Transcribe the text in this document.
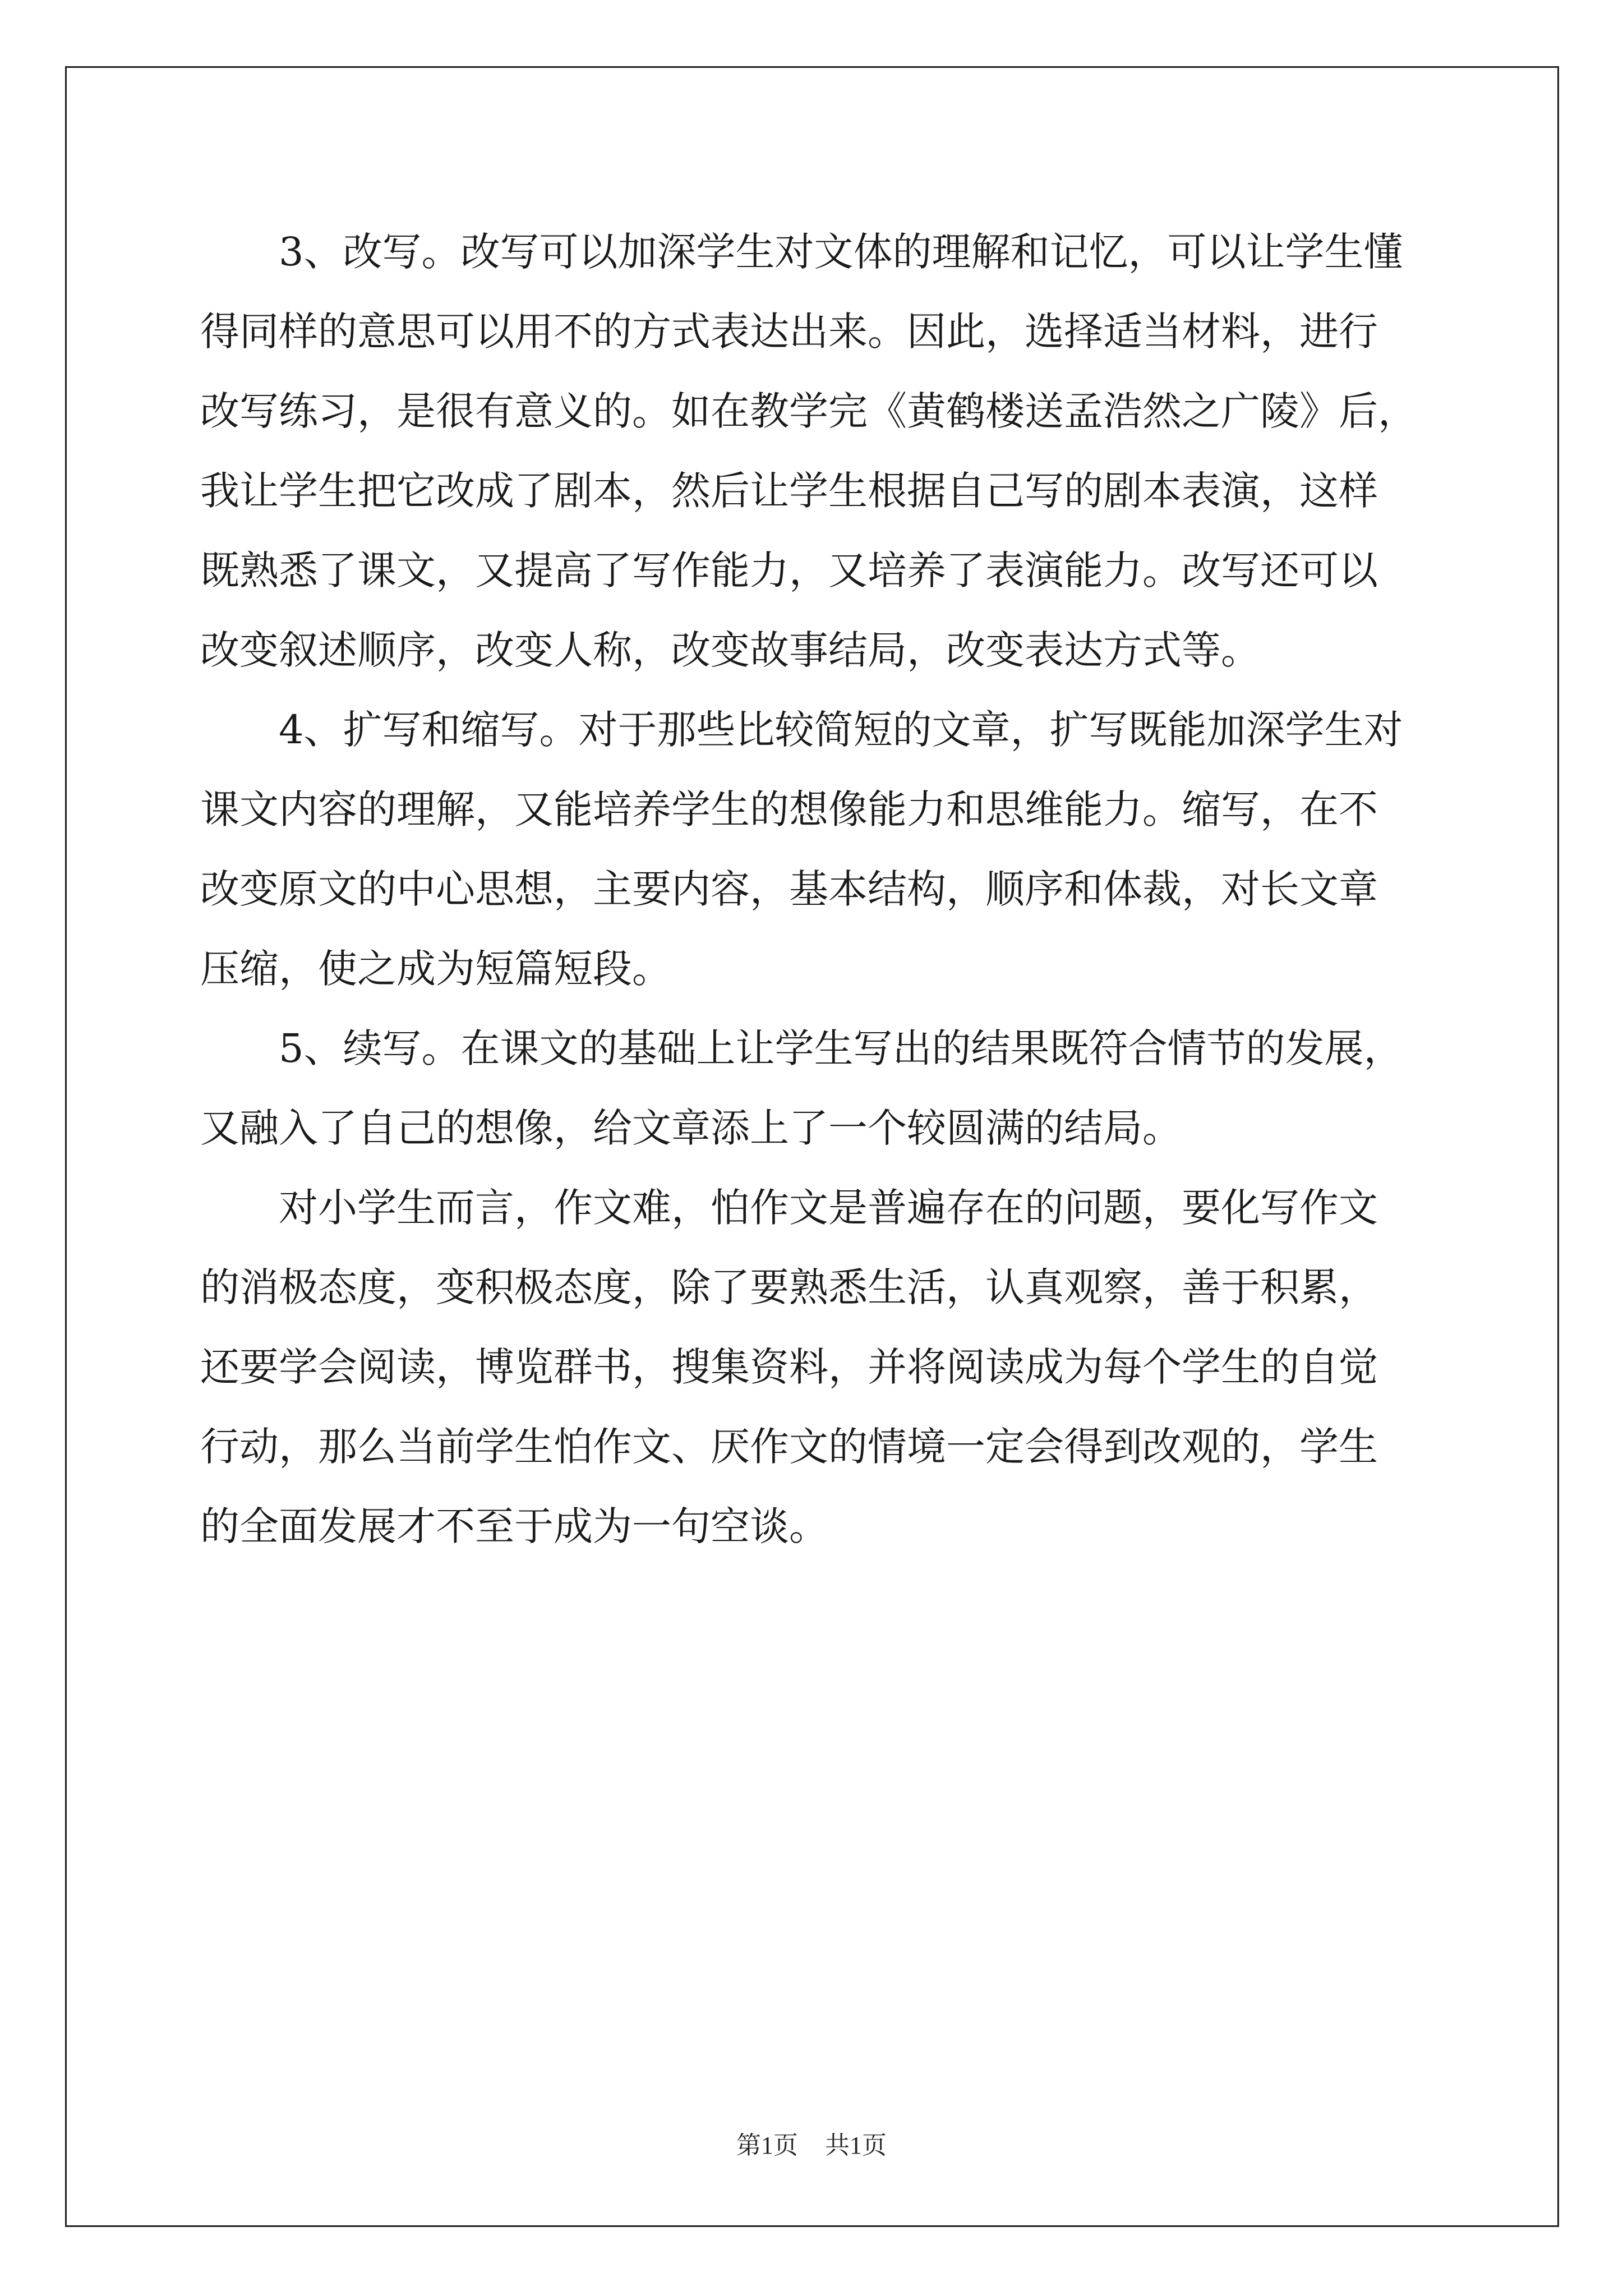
3、改写。改写可以加深学生对文体的理解和记忆，可以让学生懂
得同样的意思可以用不的方式表达出来。因此，选择适当材料，进行
改写练习，是很有意义的。如在教学完《黄鹤楼送孟浩然之广陵》后，
我让学生把它改成了剧本，然后让学生根据自己写的剧本表演，这样
既熟悉了课文，又提高了写作能力，又培养了表演能力。改写还可以
改变叙述顺序，改变人称，改变故事结局，改变表达方式等。

4、扩写和缩写。对于那些比较简短的文章，扩写既能加深学生对
课文内容的理解，又能培养学生的想像能力和思维能力。缩写，在不
改变原文的中心思想，主要内容，基本结构，顺序和体裁，对长文章
压缩，使之成为短篇短段。

5、续写。在课文的基础上让学生写出的结果既符合情节的发展，
又融入了自己的想像，给文章添上了一个较圆满的结局。

对小学生而言，作文难，怕作文是普遍存在的问题，要化写作文
的消极态度，变积极态度，除了要熟悉生活，认真观察，善于积累，
还要学会阅读，博览群书，搜集资料，并将阅读成为每个学生的自觉
行动，那么当前学生怕作文、厌作文的情境一定会得到改观的，学生
的全面发展才不至于成为一句空谈。

第1页 共1页
